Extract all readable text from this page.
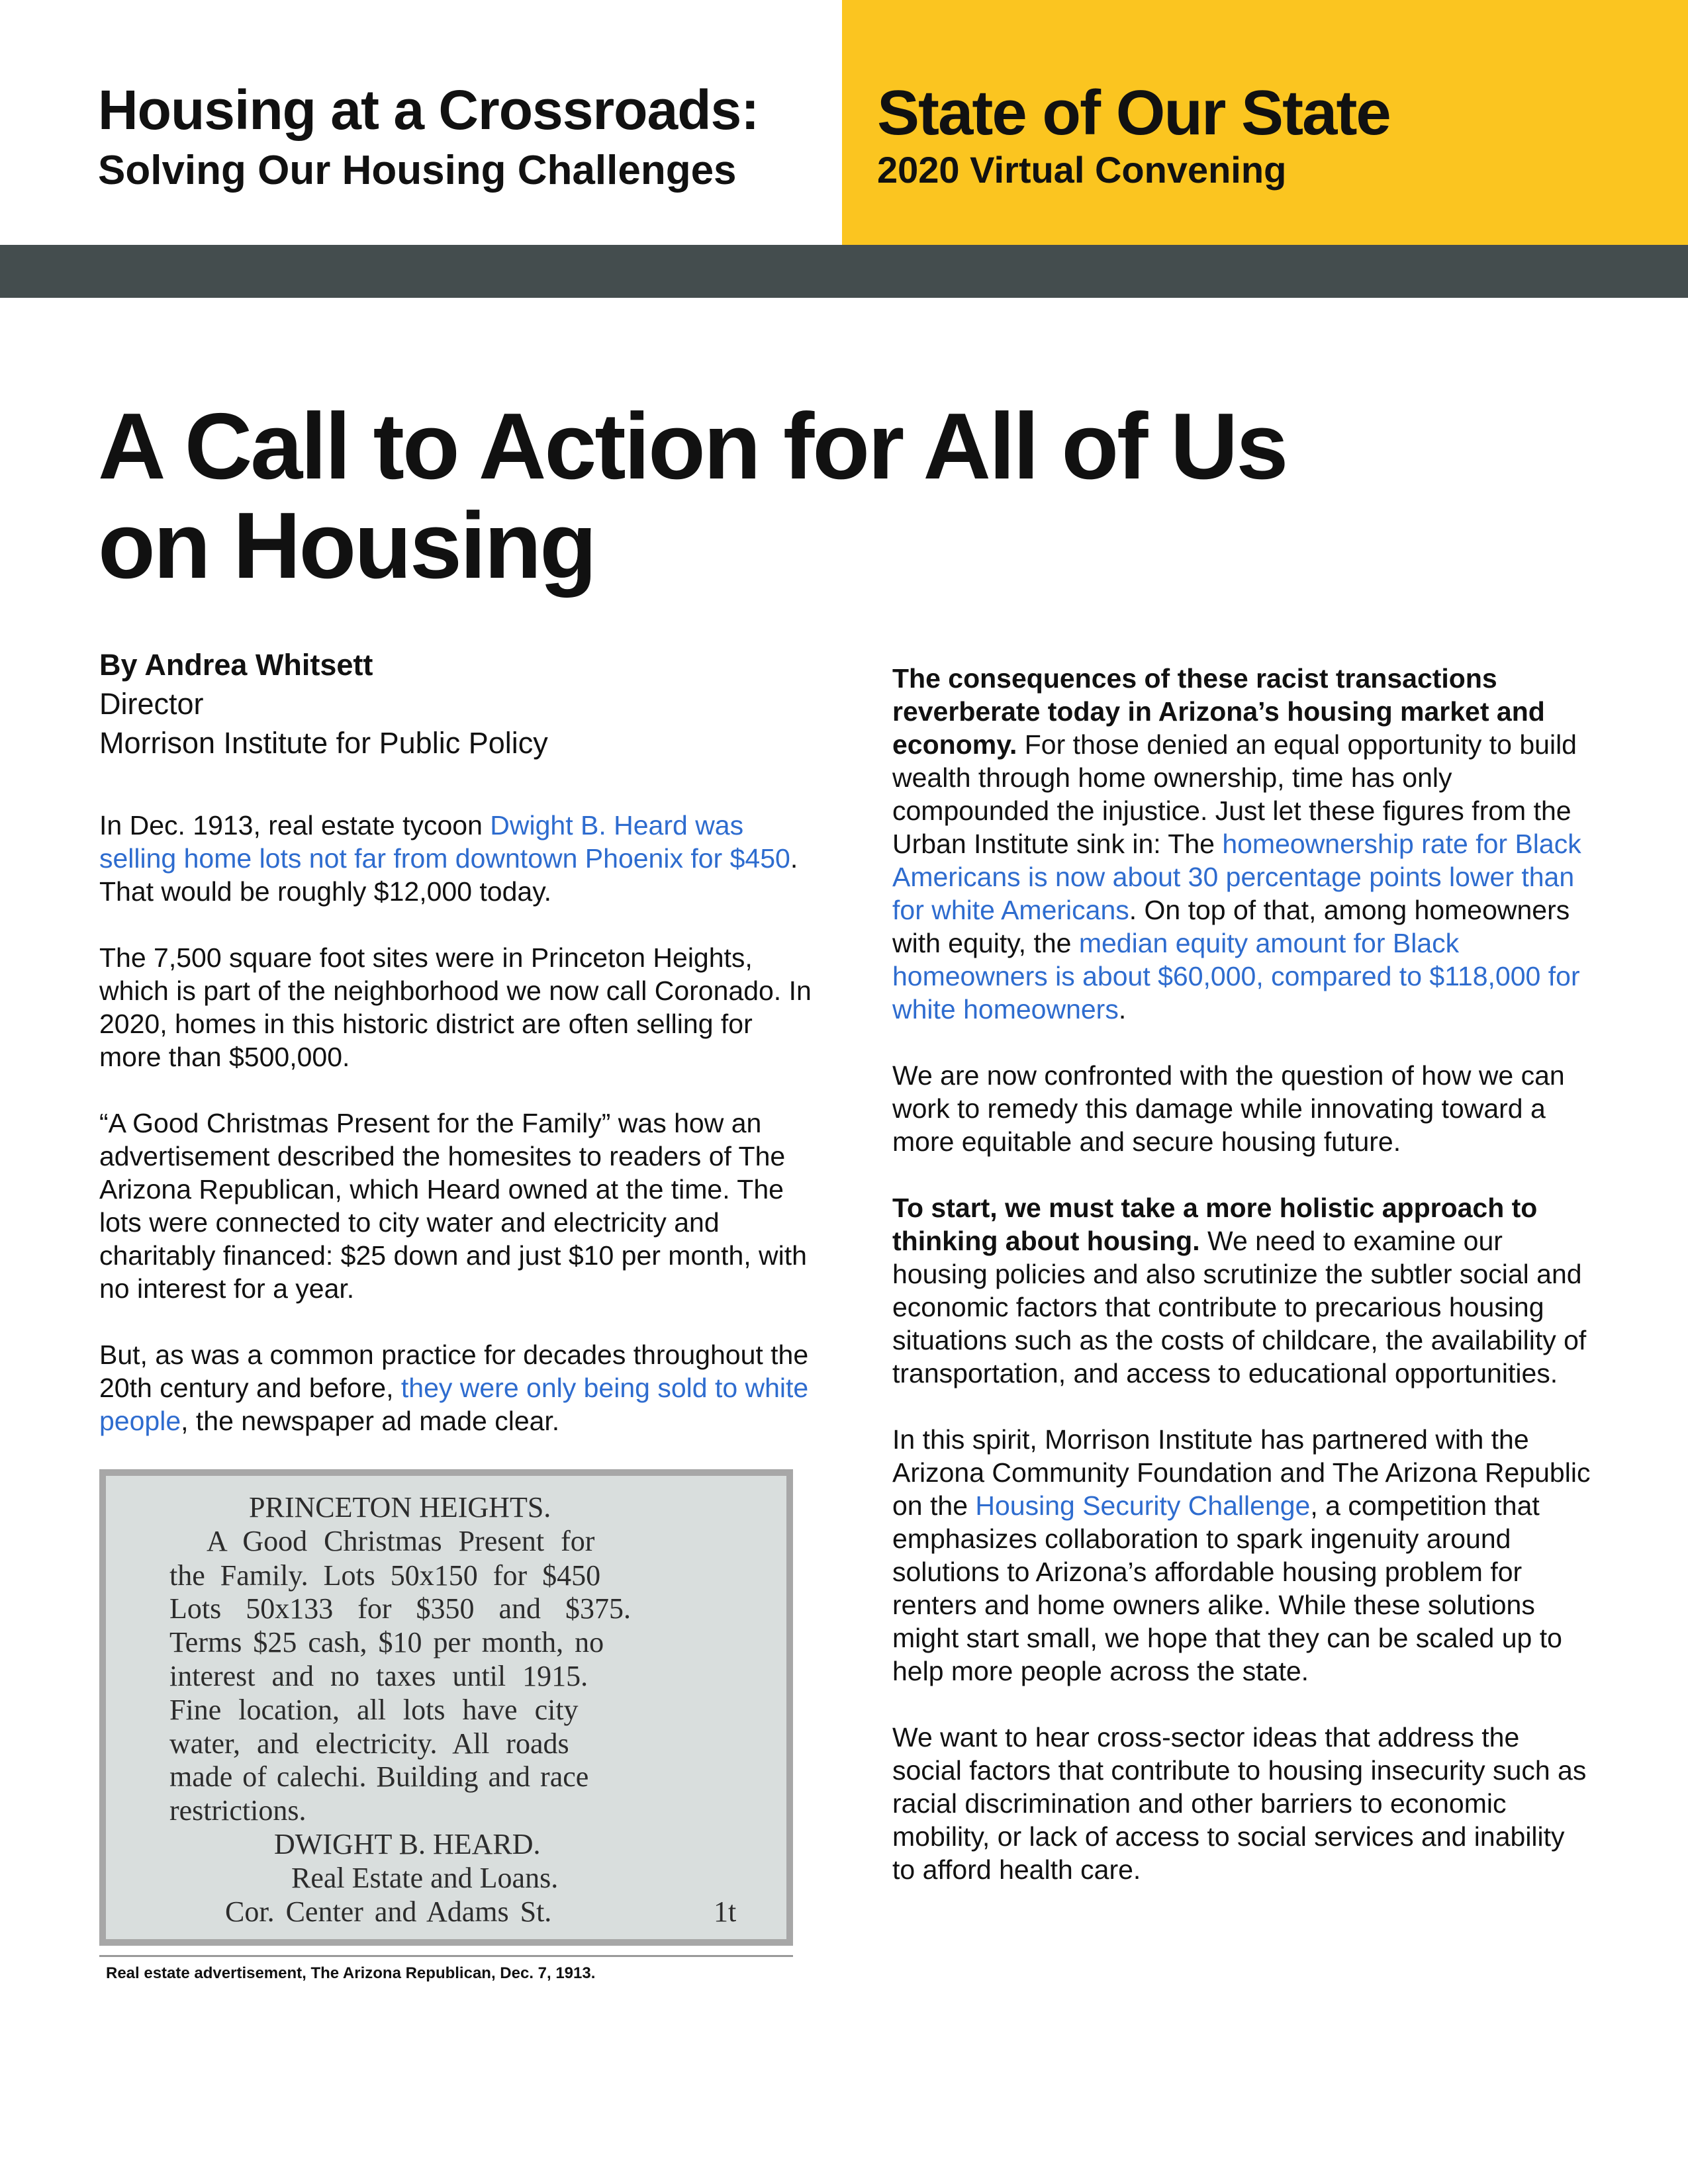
Housing at a Crossroads:
Solving Our Housing Challenges
State of Our State
2020 Virtual Convening
A Call to Action for All of Us
on Housing
By Andrea Whitsett
Director
Morrison Institute for Public Policy

In Dec. 1913, real estate tycoon Dwight B. Heard was selling home lots not far from downtown Phoenix for $450. That would be roughly $12,000 today.

The 7,500 square foot sites were in Princeton Heights, which is part of the neighborhood we now call Coronado. In 2020, homes in this historic district are often selling for more than $500,000.

“A Good Christmas Present for the Family” was how an advertisement described the homesites to readers of The Arizona Republican, which Heard owned at the time. The lots were connected to city water and electricity and charitably financed: $25 down and just $10 per month, with no interest for a year.

But, as was a common practice for decades throughout the 20th century and before, they were only being sold to white people, the newspaper ad made clear.

PRINCETON HEIGHTS.
A Good Christmas Present for
the Family. Lots 50x150 for $450
Lots 50x133 for $350 and $375.
Terms $25 cash, $10 per month, no
interest and no taxes until 1915.
Fine location, all lots have city
water, and electricity. All roads
made of calechi. Building and race
restrictions.
DWIGHT B. HEARD.
Real Estate and Loans.
Cor. Center and Adams St.	1t
Real estate advertisement, The Arizona Republican, Dec. 7, 1913.

The consequences of these racist transactions reverberate today in Arizona’s housing market and economy. For those denied an equal opportunity to build wealth through home ownership, time has only compounded the injustice. Just let these figures from the Urban Institute sink in: The homeownership rate for Black Americans is now about 30 percentage points lower than for white Americans. On top of that, among homeowners with equity, the median equity amount for Black homeowners is about $60,000, compared to $118,000 for white homeowners.

We are now confronted with the question of how we can work to remedy this damage while innovating toward a more equitable and secure housing future.

To start, we must take a more holistic approach to thinking about housing. We need to examine our housing policies and also scrutinize the subtler social and economic factors that contribute to precarious housing situations such as the costs of childcare, the availability of transportation, and access to educational opportunities.

In this spirit, Morrison Institute has partnered with the Arizona Community Foundation and The Arizona Republic on the Housing Security Challenge, a competition that emphasizes collaboration to spark ingenuity around solutions to Arizona’s affordable housing problem for renters and home owners alike. While these solutions might start small, we hope that they can be scaled up to help more people across the state.

We want to hear cross-sector ideas that address the social factors that contribute to housing insecurity such as racial discrimination and other barriers to economic mobility, or lack of access to social services and inability to afford health care.
